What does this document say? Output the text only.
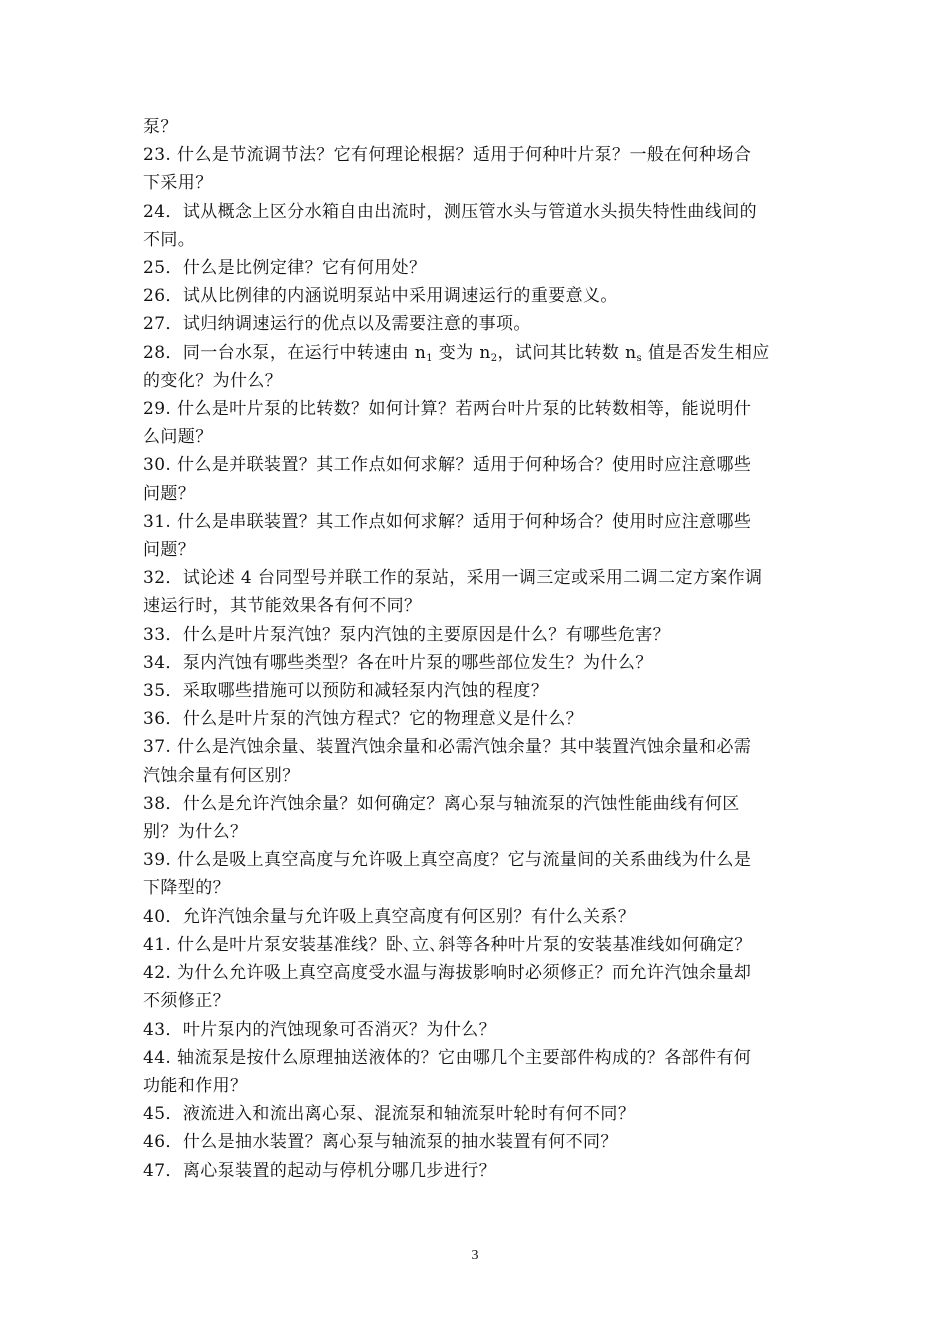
泵？

23. 什么是节流调节法？它有何理论根据？适用于何种叶片泵？一般在何种场合

下采用？

24．试从概念上区分水箱自由出流时，测压管水头与管道水头损失特性曲线间的

不同。

25．什么是比例定律？它有何用处？

26．试从比例律的内涵说明泵站中采用调速运行的重要意义。

27．试归纳调速运行的优点以及需要注意的事项。

28．同一台水泵，在运行中转速由 $n_1$ 变为 $n_2$，试问其比转数 $n_s$ 值是否发生相应

的变化？为什么？

29. 什么是叶片泵的比转数？如何计算？若两台叶片泵的比转数相等，能说明什

么问题？

30. 什么是并联装置？其工作点如何求解？适用于何种场合？使用时应注意哪些

问题？

31. 什么是串联装置？其工作点如何求解？适用于何种场合？使用时应注意哪些

问题？

32．试论述 4 台同型号并联工作的泵站，采用一调三定或采用二调二定方案作调

速运行时，其节能效果各有何不同？

33．什么是叶片泵汽蚀？泵内汽蚀的主要原因是什么？有哪些危害？

34．泵内汽蚀有哪些类型？各在叶片泵的哪些部位发生？为什么？

35．采取哪些措施可以预防和减轻泵内汽蚀的程度？

36．什么是叶片泵的汽蚀方程式？它的物理意义是什么？

37. 什么是汽蚀余量、装置汽蚀余量和必需汽蚀余量？其中装置汽蚀余量和必需

汽蚀余量有何区别？

38．什么是允许汽蚀余量？如何确定？离心泵与轴流泵的汽蚀性能曲线有何区

别？为什么？

39. 什么是吸上真空高度与允许吸上真空高度？它与流量间的关系曲线为什么是

下降型的？

40．允许汽蚀余量与允许吸上真空高度有何区别？有什么关系？

41. 什么是叶片泵安装基准线？卧､立､斜等各种叶片泵的安装基准线如何确定？

42. 为什么允许吸上真空高度受水温与海拔影响时必须修正？而允许汽蚀余量却

不须修正？

43．叶片泵内的汽蚀现象可否消灭？为什么？

44. 轴流泵是按什么原理抽送液体的？它由哪几个主要部件构成的？各部件有何

功能和作用？

45．液流进入和流出离心泵、混流泵和轴流泵叶轮时有何不同？

46．什么是抽水装置？离心泵与轴流泵的抽水装置有何不同？

47．离心泵装置的起动与停机分哪几步进行？

3
